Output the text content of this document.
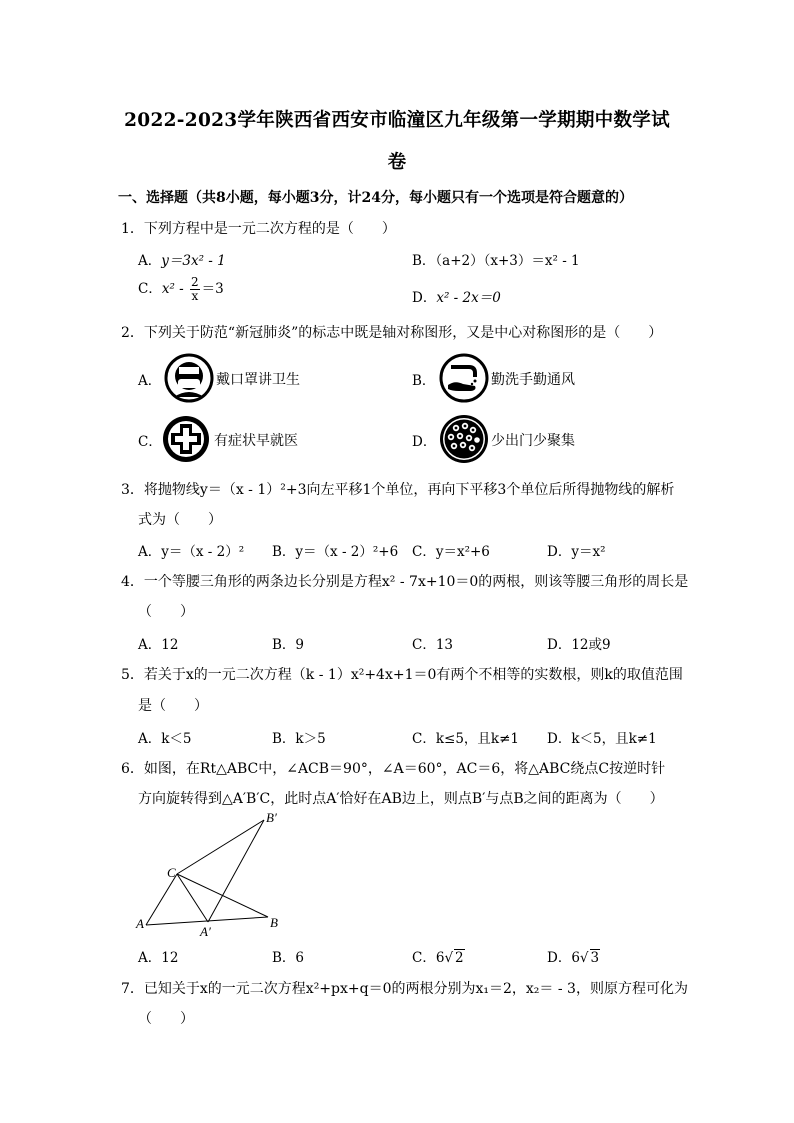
2022-2023学年陕西省西安市临潼区九年级第一学期期中数学试
卷
一、选择题（共8小题，每小题3分，计24分，每小题只有一个选项是符合题意的）
1．下列方程中是一元二次方程的是（　　）
A．y＝3x² - 1	B．（a+2）（x+3）＝x² - 1
C．$x^2 - \frac{2}{x} =3$
D．x² - 2x＝0
2．下列关于防范“新冠肺炎”的标志中既是轴对称图形，又是中心对称图形的是（　　）
A．	戴口罩讲卫生	B．	勤洗手勤通风
C．	有症状早就医	D．	少出门少聚集
3．将抛物线y＝（x - 1）²+3向左平移1个单位，再向下平移3个单位后所得抛物线的解析
式为（　　）
A．y＝（x - 2）² B．y＝（x - 2）²+6 C．y＝x²+6	D．y＝x²
4．一个等腰三角形的两条边长分别是方程x² - 7x+10＝0的两根，则该等腰三角形的周长是
（　　）
A．12	B．9	C．13	D．12或9
5．若关于x的一元二次方程（k - 1）x²+4x+1＝0有两个不相等的实数根，则k的取值范围
是（　　）
A．k＜5	B．k＞5	C．k≤5，且k≠1 D．k＜5，且k≠1
6．如图，在Rt△ABC中，∠ACB＝90°，∠A＝60°，AC＝6，将△ABC绕点C按逆时针
方向旋转得到△A′B′C，此时点A′恰好在AB边上，则点B′与点B之间的距离为（　　）
A	B
C
A′
B′
A．12	B．6	C．6√ 2	D．6√ 3
7．已知关于x的一元二次方程x²+px+q＝0的两根分别为x₁＝2，x₂＝ - 3，则原方程可化为
（　　）
